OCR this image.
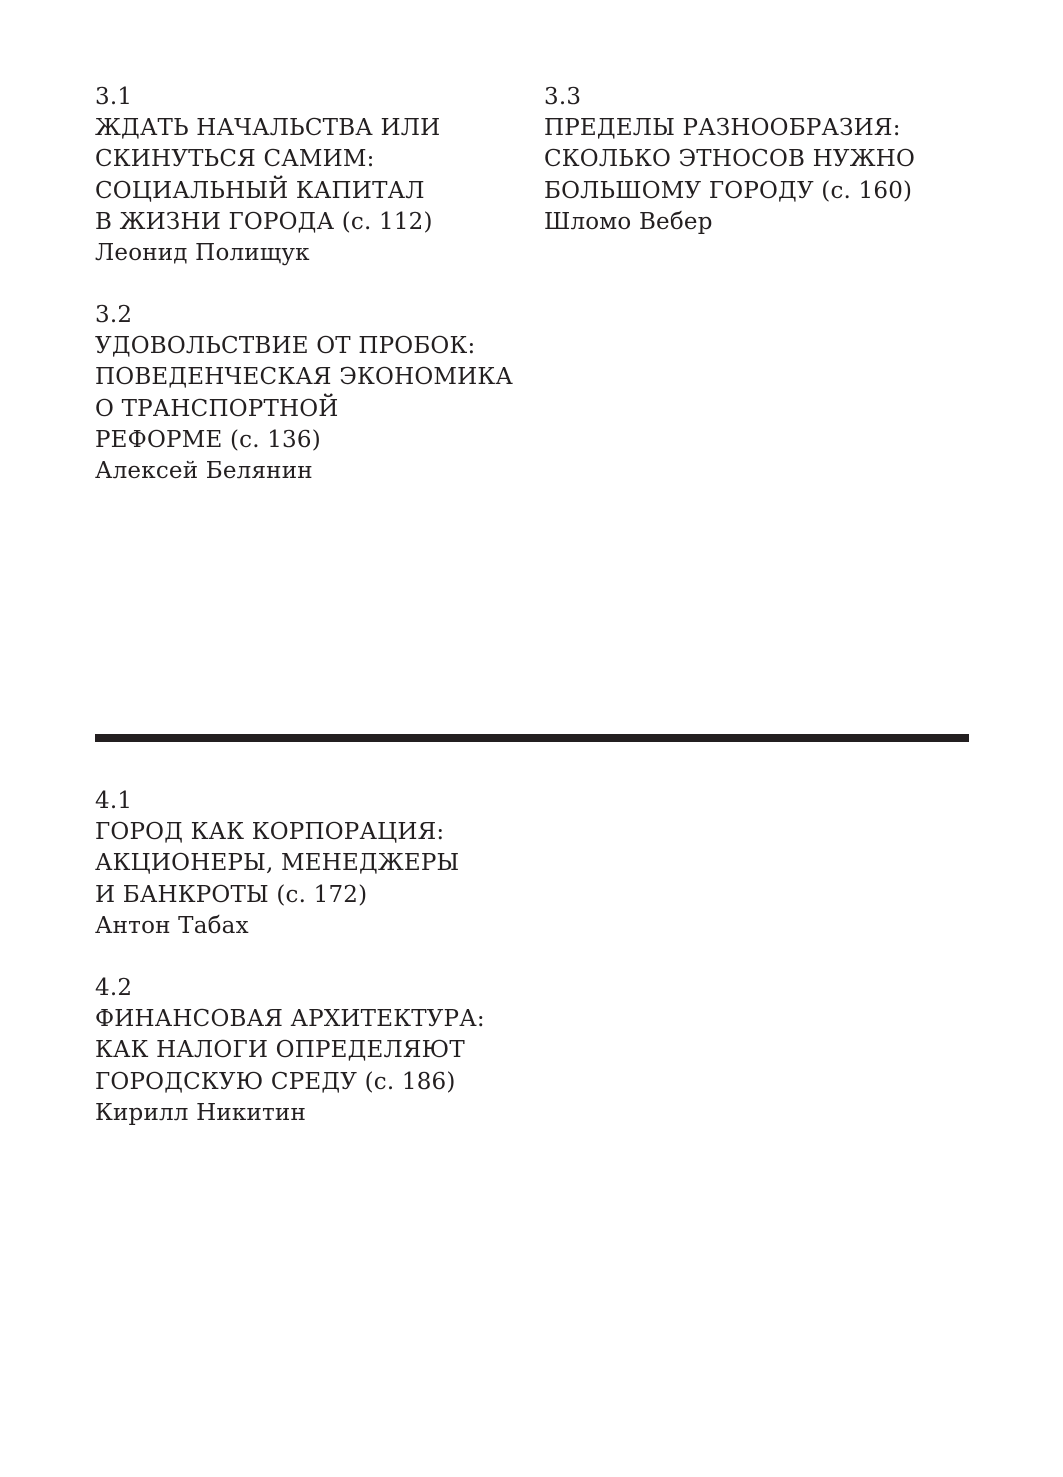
3.1
ЖДАТЬ НАЧАЛЬСТВА ИЛИ
СКИНУТЬСЯ САМИМ:
СОЦИАЛЬНЫЙ КАПИТАЛ
В ЖИЗНИ ГОРОДА (с. 112)
Леонид Полищук
3.2
УДОВОЛЬСТВИЕ ОТ ПРОБОК:
ПОВЕДЕНЧЕСКАЯ ЭКОНОМИКА
О ТРАНСПОРТНОЙ
РЕФОРМЕ (с. 136)
Алексей Белянин
3.3
ПРЕДЕЛЫ РАЗНООБРАЗИЯ:
СКОЛЬКО ЭТНОСОВ НУЖНО
БОЛЬШОМУ ГОРОДУ (с. 160)
Шломо Вебер
4.1
ГОРОД КАК КОРПОРАЦИЯ:
АКЦИОНЕРЫ, МЕНЕДЖЕРЫ
И БАНКРОТЫ (с. 172)
Антон Табах
4.2
ФИНАНСОВАЯ АРХИТЕКТУРА:
КАК НАЛОГИ ОПРЕДЕЛЯЮТ
ГОРОДСКУЮ СРЕДУ (с. 186)
Кирилл Никитин
